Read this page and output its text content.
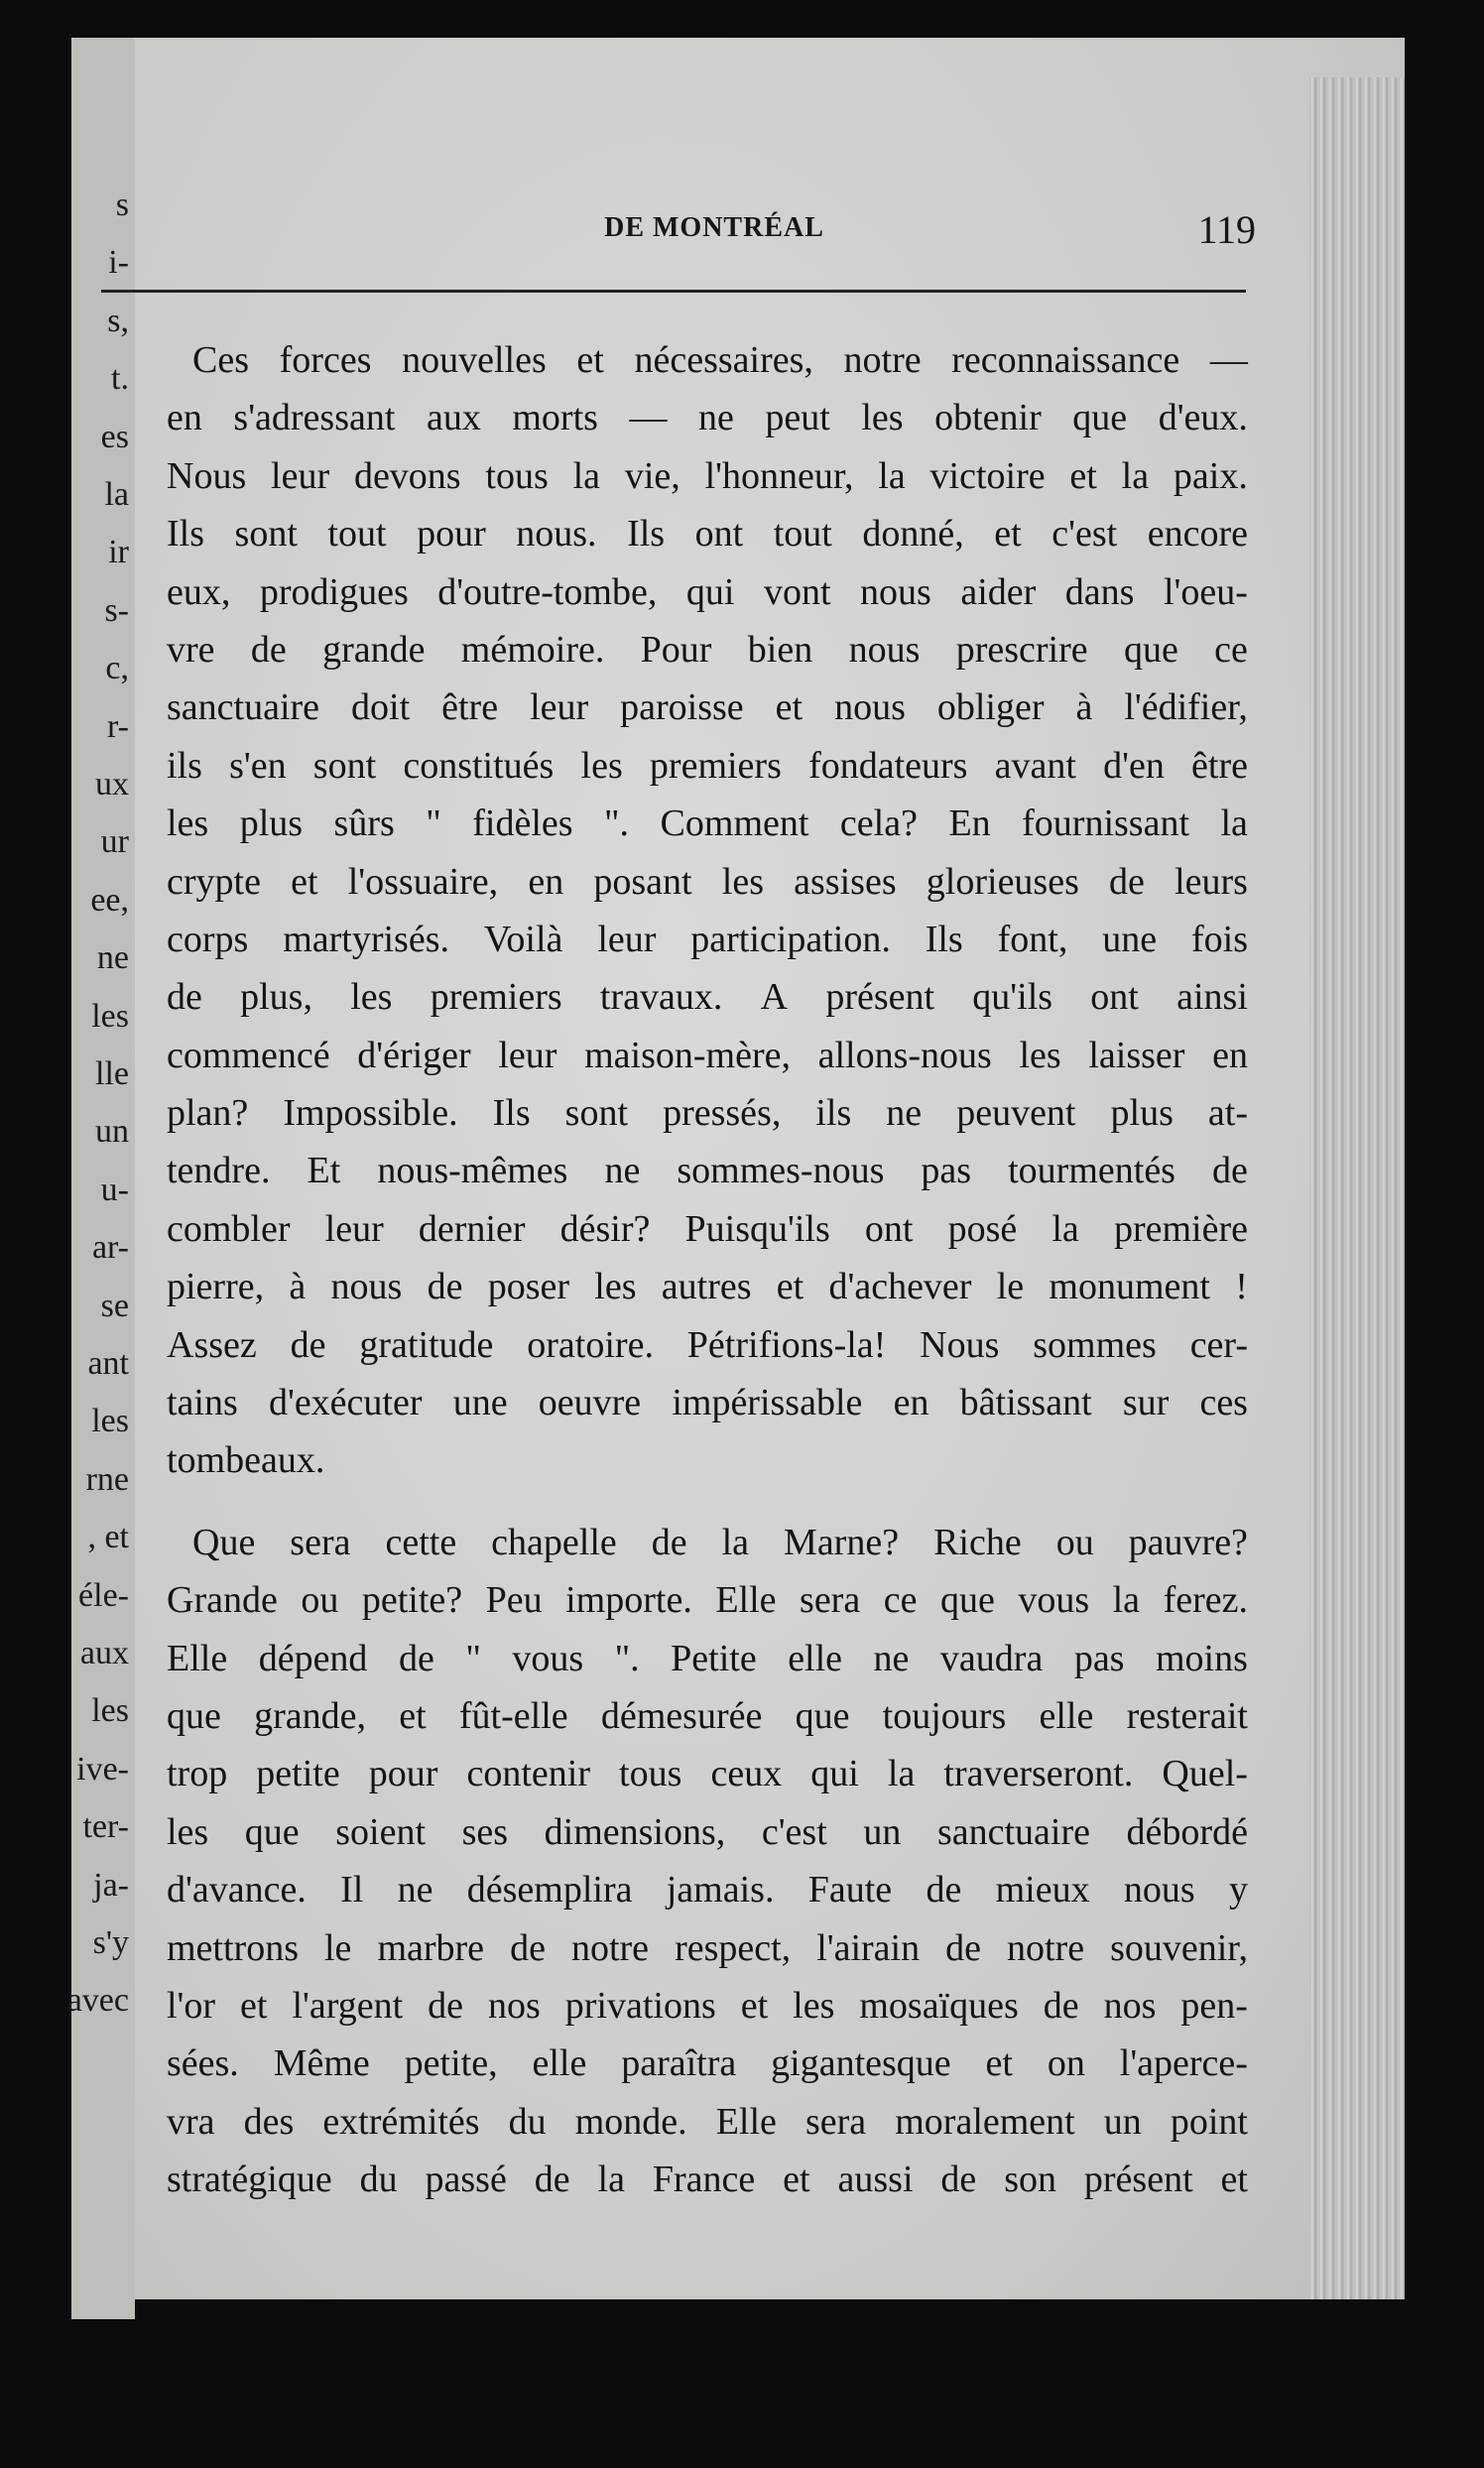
s
i-
s,
t.
es
la
ir
s-
c,
r-
ux
ur
ee,
ne
les
lle
un
u-
ar-
se
ant
les
rne
, et
éle-
aux
les
ive-
ter-
ja-
s'y
avec
DE MONTRÉAL	119
Ces forces nouvelles et nécessaires, notre reconnaissance —
en s'adressant aux morts — ne peut les obtenir que d'eux.
Nous leur devons tous la vie, l'honneur, la victoire et la paix.
Ils sont tout pour nous. Ils ont tout donné, et c'est encore
eux, prodigues d'outre-tombe, qui vont nous aider dans l'oeu-
vre de grande mémoire. Pour bien nous prescrire que ce
sanctuaire doit être leur paroisse et nous obliger à l'édifier,
ils s'en sont constitués les premiers fondateurs avant d'en être
les plus sûrs " fidèles ". Comment cela? En fournissant la
crypte et l'ossuaire, en posant les assises glorieuses de leurs
corps martyrisés. Voilà leur participation. Ils font, une fois
de plus, les premiers travaux. A présent qu'ils ont ainsi
commencé d'ériger leur maison-mère, allons-nous les laisser en
plan? Impossible. Ils sont pressés, ils ne peuvent plus at-
tendre. Et nous-mêmes ne sommes-nous pas tourmentés de
combler leur dernier désir? Puisqu'ils ont posé la première
pierre, à nous de poser les autres et d'achever le monument !
Assez de gratitude oratoire. Pétrifions-la! Nous sommes cer-
tains d'exécuter une oeuvre impérissable en bâtissant sur ces
tombeaux.
Que sera cette chapelle de la Marne? Riche ou pauvre?
Grande ou petite? Peu importe. Elle sera ce que vous la ferez.
Elle dépend de " vous ". Petite elle ne vaudra pas moins
que grande, et fût-elle démesurée que toujours elle resterait
trop petite pour contenir tous ceux qui la traverseront. Quel-
les que soient ses dimensions, c'est un sanctuaire débordé
d'avance. Il ne désemplira jamais. Faute de mieux nous y
mettrons le marbre de notre respect, l'airain de notre souvenir,
l'or et l'argent de nos privations et les mosaïques de nos pen-
sées. Même petite, elle paraîtra gigantesque et on l'aperce-
vra des extrémités du monde. Elle sera moralement un point
stratégique du passé de la France et aussi de son présent et
